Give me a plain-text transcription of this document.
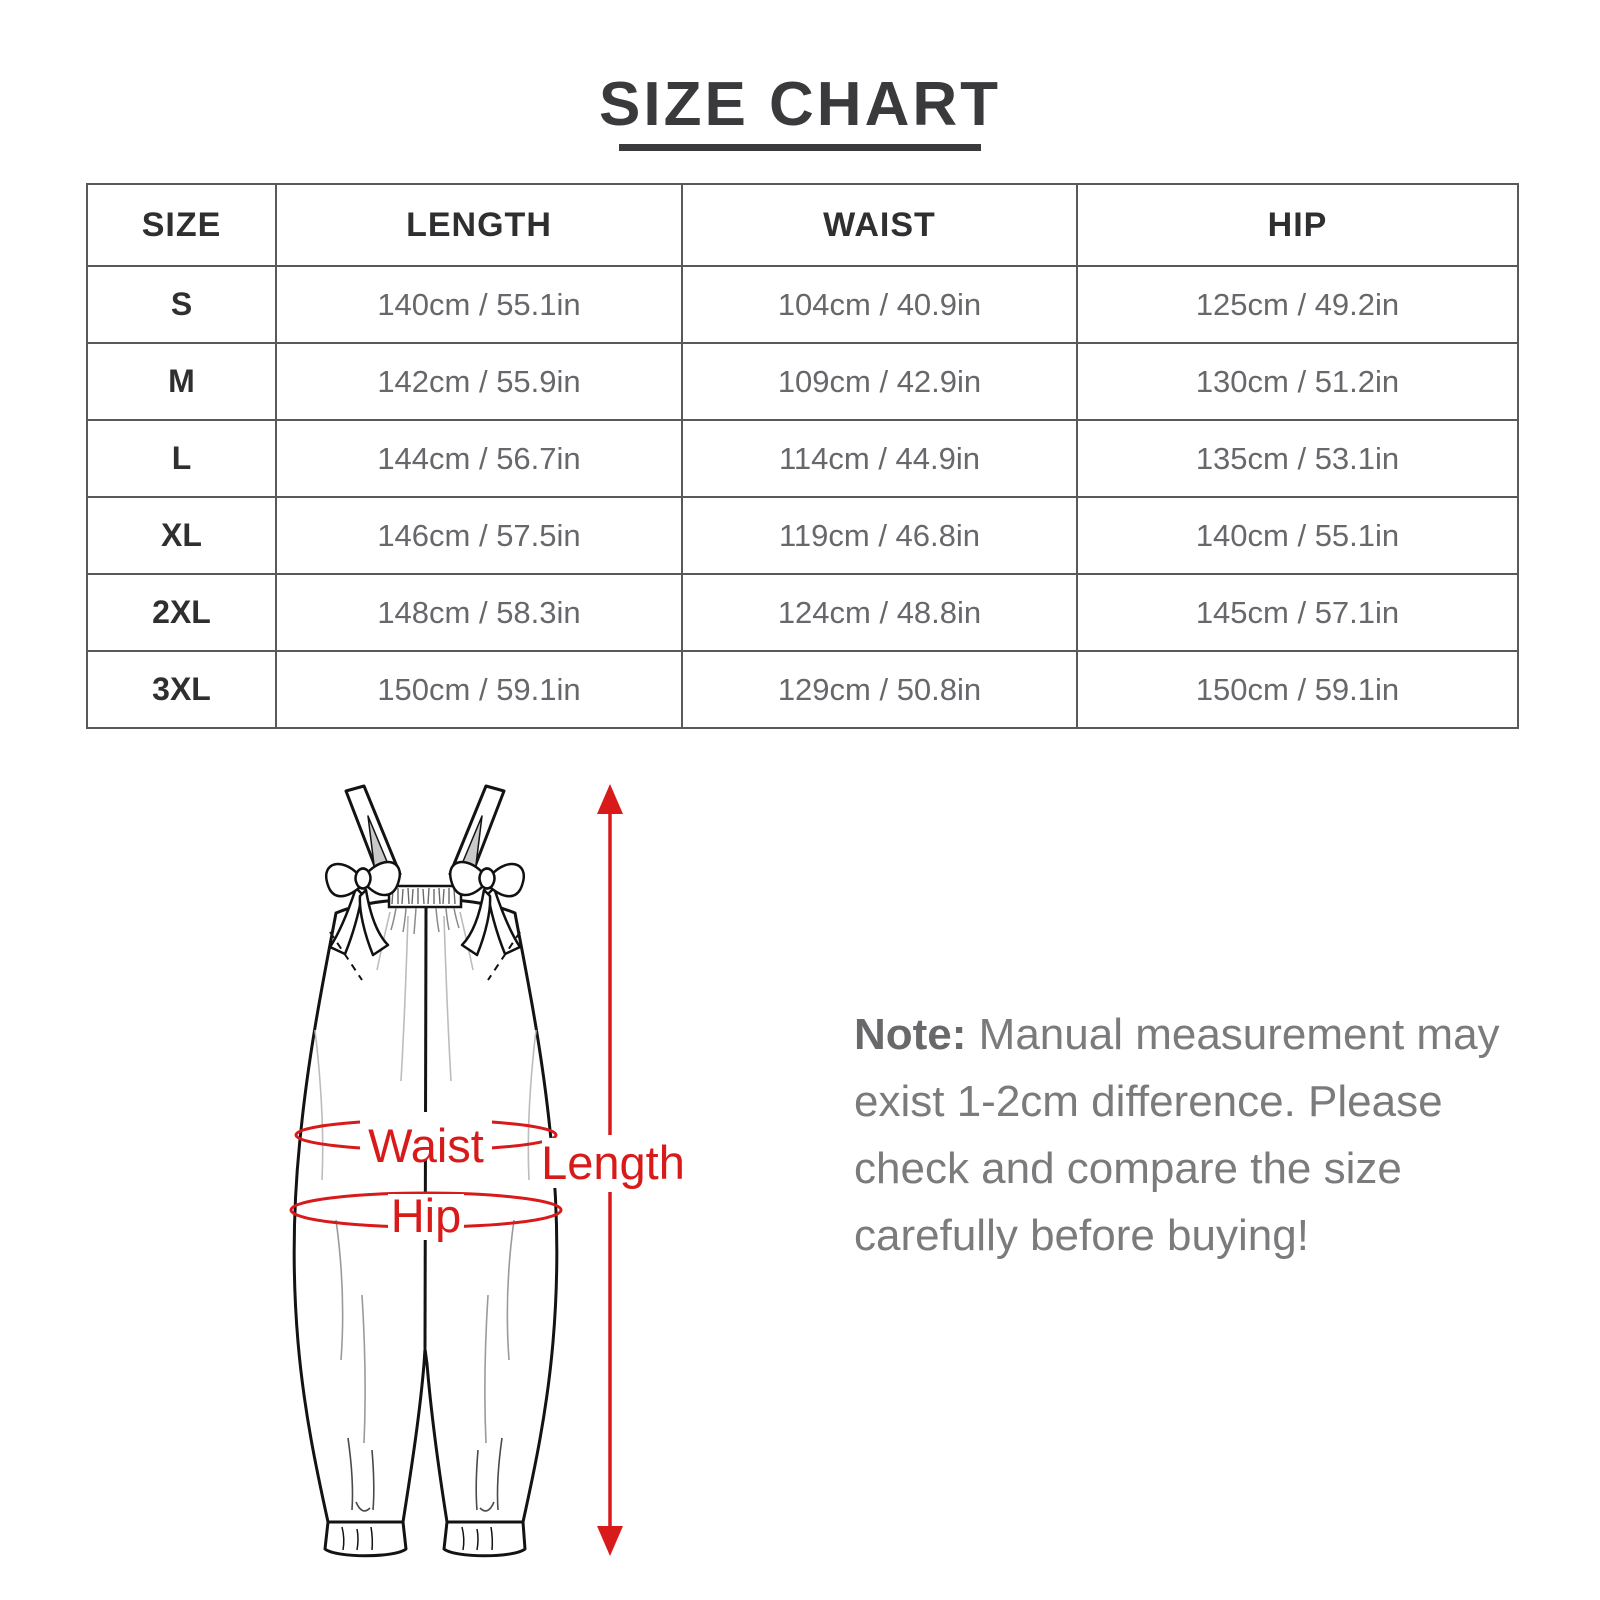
SIZE CHART
SIZE	LENGTH	WAIST	HIP
S	140cm / 55.1in	104cm / 40.9in	125cm / 49.2in
M	142cm / 55.9in	109cm / 42.9in	130cm / 51.2in
L	144cm / 56.7in	114cm / 44.9in	135cm / 53.1in
XL	146cm / 57.5in	119cm / 46.8in	140cm / 55.1in
2XL	148cm / 58.3in	124cm / 48.8in	145cm / 57.1in
3XL	150cm / 59.1in	129cm / 50.8in	150cm / 59.1in
Waist
Hip
Length
Note: Manual measurement may exist 1-2cm difference. Please check and compare the size carefully before buying!
